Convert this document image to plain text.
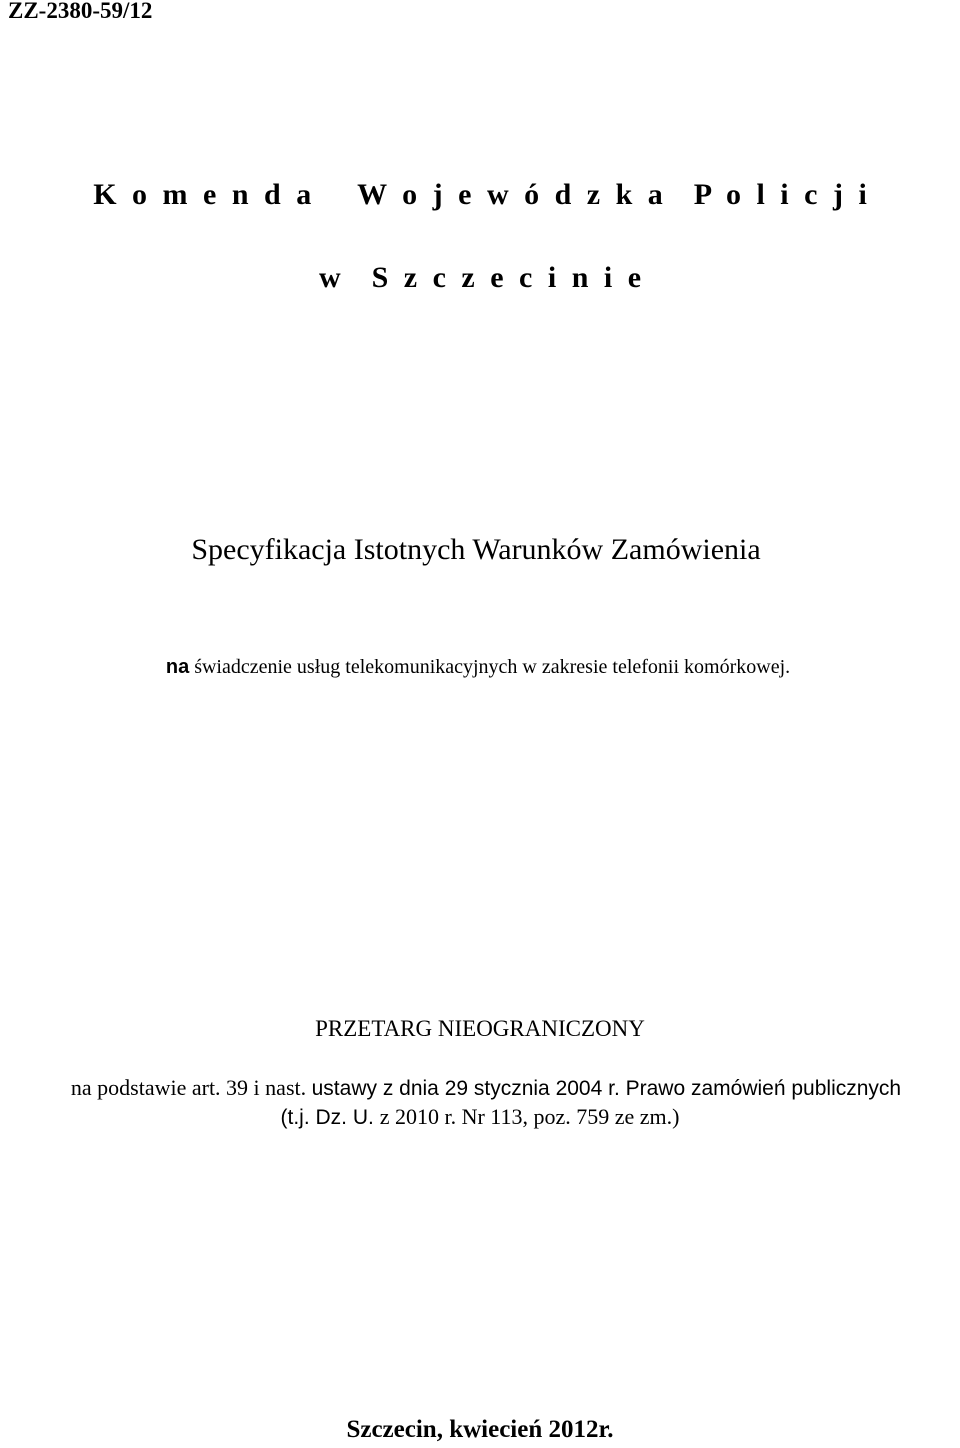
ZZ-2380-59/12
K o m e n d a   W o j e w ó d z k a  P o l i c j i
w  S z c z e c i n i e
Specyfikacja Istotnych Warunków Zamówienia
na świadczenie usług telekomunikacyjnych w zakresie telefonii komórkowej.
PRZETARG NIEOGRANICZONY
na podstawie art. 39 i nast. ustawy z dnia 29 stycznia 2004 r. Prawo zamówień publicznych
(t.j. Dz. U. z 2010 r. Nr 113, poz. 759 ze zm.)
Szczecin, kwiecień 2012r.
